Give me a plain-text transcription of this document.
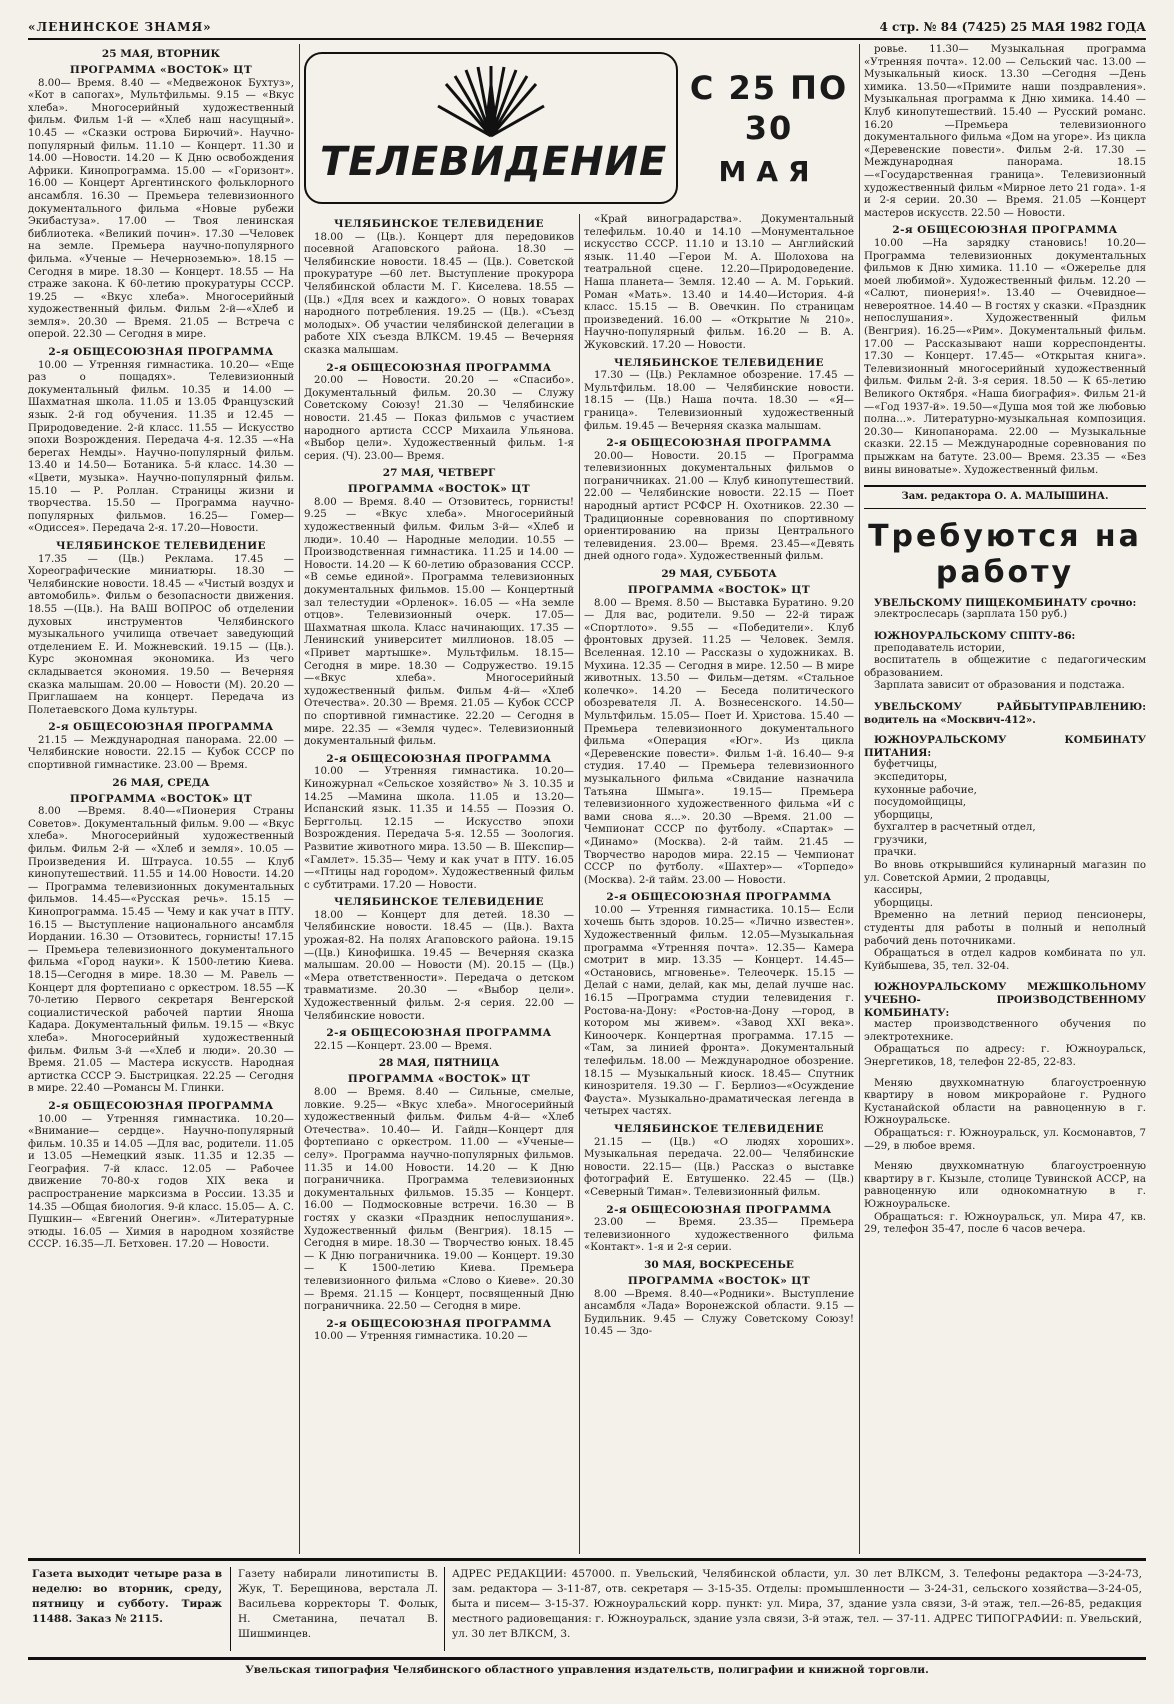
«ЛЕНИНСКОЕ ЗНАМЯ»	4 стр. № 84 (7425) 25 МАЯ 1982 ГОДА
25 МАЯ, ВТОРНИК
ПРОГРАММА «ВОСТОК» ЦТ

8.00— Время. 8.40 — «Медвежонок Бухтуз», «Кот в сапогах», Мультфильмы. 9.15 — «Вкус хлеба». Многосерийный художественный фильм. Фильм 1-й — «Хлеб наш насущный». 10.45 — «Сказки острова Бирючий». Научно-популярный фильм. 11.10 — Концерт. 11.30 и 14.00 —Новости. 14.20 — К Дню освобождения Африки. Кинопрограмма. 15.00 — «Горизонт». 16.00 — Концерт Аргентинского фольклорного ансамбля. 16.30 — Премьера телевизионного документального фильма «Новые рубежи Экибастуза». 17.00 — Твоя ленинская библиотека. «Великий почин». 17.30 —Человек на земле. Премьера научно-популярного фильма. «Ученые — Нечерноземью». 18.15 — Сегодня в мире. 18.30 — Концерт. 18.55 — На страже закона. К 60-летию прокуратуры СССР. 19.25 — «Вкус хлеба». Многосерийный художественный фильм. Фильм 2-й—«Хлеб и земля». 20.30 — Время. 21.05 — Встреча с оперой. 22.30 — Сегодня в мире.

2-я ОБЩЕСОЮЗНАЯ ПРОГРАММА

10.00 — Утренняя гимнастика. 10.20— «Еще раз о пощадях». Телевизионный документальный фильм. 10.35 и 14.00 —Шахматная школа. 11.05 и 13.05 Французский язык. 2-й год обучения. 11.35 и 12.45 — Природоведение. 2-й класс. 11.55 — Искусство эпохи Возрождения. Передача 4-я. 12.35 —«На берегах Немды». Научно-популярный фильм. 13.40 и 14.50— Ботаника. 5-й класс. 14.30 — «Цвети, музыка». Научно-популярный фильм. 15.10 — Р. Роллан. Страницы жизни и творчества. 15.50 — Программа научно-популярных фильмов. 16.25— Гомер— «Одиссея». Передача 2-я. 17.20—Новости.

ЧЕЛЯБИНСКОЕ ТЕЛЕВИДЕНИЕ

17.35 — (Цв.) Реклама. 17.45 —Хореографические миниатюры. 18.30 — Челябинские новости. 18.45 — «Чистый воздух и автомобиль». Фильм о безопасности движения. 18.55 —(Цв.). На ВАШ ВОПРОС об отделении духовых инструментов Челябинского музыкального училища отвечает заведующий отделением Е. И. Можневский. 19.15 — (Цв.). Курс экономная экономика. Из чего складывается экономия. 19.50 — Вечерняя сказка малышам. 20.00 — Новости (М). 20.20 — Приглашаем на концерт. Передача из Полетаевского Дома культуры.

2-я ОБЩЕСОЮЗНАЯ ПРОГРАММА

21.15 — Международная панорама. 22.00 — Челябинские новости. 22.15 — Кубок СССР по спортивной гимнастике. 23.00 — Время.

26 МАЯ, СРЕДА
ПРОГРАММА «ВОСТОК» ЦТ

8.00 —Время. 8.40—«Пионерия Страны Советов». Документальный фильм. 9.00 — «Вкус хлеба». Многосерийный художественный фильм. Фильм 2-й — «Хлеб и земля». 10.05 — Произведения И. Штрауса. 10.55 — Клуб кинопутешествий. 11.55 и 14.00 Новости. 14.20 — Программа телевизионных документальных фильмов. 14.45—«Русская речь». 15.15 — Кинопрограмма. 15.45 — Чему и как учат в ПТУ. 16.15 — Выступление национального ансамбля Иордании. 16.30 — Отзовитесь, горнисты! 17.15 — Премьера телевизионного документального фильма «Город науки». К 1500-летию Киева. 18.15—Сегодня в мире. 18.30 — М. Равель —Концерт для фортепиано с оркестром. 18.55 —К 70-летию Первого секретаря Венгерской социалистической рабочей партии Яноша Кадара. Документальный фильм. 19.15 — «Вкус хлеба». Многосерийный художественный фильм. Фильм 3-й —«Хлеб и люди». 20.30 — Время. 21.05 — Мастера искусств. Народная артистка СССР Э. Быстрицкая. 22.25 — Сегодня в мире. 22.40 —Романсы М. Глинки.

2-я ОБЩЕСОЮЗНАЯ ПРОГРАММА

10.00 — Утренняя гимнастика. 10.20— «Внимание— сердце». Научно-популярный фильм. 10.35 и 14.05 —Для вас, родители. 11.05 и 13.05 —Немецкий язык. 11.35 и 12.35 — География. 7-й класс. 12.05 — Рабочее движение 70-80-х годов XIX века и распространение марксизма в России. 13.35 и 14.35 —Общая биология. 9-й класс. 15.05— А. С. Пушкин— «Евгений Онегин». «Литературные этюды. 16.05 — Химия в народном хозяйстве СССР. 16.35—Л. Бетховен. 17.20 — Новости.

ТЕЛЕВИДЕНИЕ
С 25 ПО 30
МАЯ
ЧЕЛЯБИНСКОЕ ТЕЛЕВИДЕНИЕ

18.00 — (Цв.). Концерт для передовиков посевной Агаповского района. 18.30 — Челябинские новости. 18.45 — (Цв.). Советской прокуратуре —60 лет. Выступление прокурора Челябинской области М. Г. Киселева. 18.55 —(Цв.) «Для всех и каждого». О новых товарах народного потребления. 19.25 — (Цв.). «Съезд молодых». Об участии челябинской делегации в работе XIX съезда ВЛКСМ. 19.45 — Вечерняя сказка малышам.

2-я ОБЩЕСОЮЗНАЯ ПРОГРАММА

20.00 — Новости. 20.20 — «Спасибо». Документальный фильм. 20.30 — Служу Советскому Союзу! 21.30 — Челябинские новости. 21.45 — Показ фильмов с участием народного артиста СССР Михаила Ульянова. «Выбор цели». Художественный фильм. 1-я серия. (Ч). 23.00— Время.

27 МАЯ, ЧЕТВЕРГ
ПРОГРАММА «ВОСТОК» ЦТ

8.00 — Время. 8.40 — Отзовитесь, горнисты! 9.25 — «Вкус хлеба». Многосерийный художественный фильм. Фильм 3-й— «Хлеб и люди». 10.40 — Народные мелодии. 10.55 — Производственная гимнастика. 11.25 и 14.00 —Новости. 14.20 — К 60-летию образования СССР. «В семье единой». Программа телевизионных документальных фильмов. 15.00 — Концертный зал телестудии «Орленок». 16.05 — «На земле отцов». Телевизионный очерк. 17.05—Шахматная школа. Класс начинающих. 17.35 —Ленинский университет миллионов. 18.05 — «Привет мартышке». Мультфильм. 18.15—Сегодня в мире. 18.30 — Содружество. 19.15—«Вкус хлеба». Многосерийный художественный фильм. Фильм 4-й— «Хлеб Отечества». 20.30 — Время. 21.05 — Кубок СССР по спортивной гимнастике. 22.20 — Сегодня в мире. 22.35 — «Земля чудес». Телевизионный документальный фильм.

2-я ОБЩЕСОЮЗНАЯ ПРОГРАММА

10.00 — Утренняя гимнастика. 10.20— Киножурнал «Сельское хозяйство» № 3. 10.35 и 14.25 —Мамина школа. 11.05 и 13.20—Испанский язык. 11.35 и 14.55 — Поэзия О. Берггольц. 12.15 — Искусство эпохи Возрождения. Передача 5-я. 12.55 — Зоология. Развитие животного мира. 13.50 — В. Шекспир— «Гамлет». 15.35— Чему и как учат в ПТУ. 16.05 —«Птицы над городом». Художественный фильм с субтитрами. 17.20 — Новости.

ЧЕЛЯБИНСКОЕ ТЕЛЕВИДЕНИЕ

18.00 — Концерт для детей. 18.30 — Челябинские новости. 18.45 — (Цв.). Вахта урожая-82. На полях Агаповского района. 19.15 —(Цв.) Кинофишка. 19.45 — Вечерняя сказка малышам. 20.00 — Новости (М). 20.15 — (Цв.) «Мера ответственности». Передача о детском травматизме. 20.30 — «Выбор цели». Художественный фильм. 2-я серия. 22.00 — Челябинские новости.

2-я ОБЩЕСОЮЗНАЯ ПРОГРАММА

22.15 —Концерт. 23.00 — Время.

28 МАЯ, ПЯТНИЦА
ПРОГРАММА «ВОСТОК» ЦТ

8.00 — Время. 8.40 — Сильные, смелые, ловкие. 9.25— «Вкус хлеба». Многосерийный художественный фильм. Фильм 4-й— «Хлеб Отечества». 10.40— И. Гайдн—Концерт для фортепиано с оркестром. 11.00 — «Ученые— селу». Программа научно-популярных фильмов. 11.35 и 14.00 Новости. 14.20 — К Дню пограничника. Программа телевизионных документальных фильмов. 15.35 — Концерт. 16.00 — Подмосковные встречи. 16.30 — В гостях у сказки «Праздник непослушания». Художественный фильм (Венгрия). 18.15 —Сегодня в мире. 18.30 — Творчество юных. 18.45 — К Дню пограничника. 19.00 — Концерт. 19.30 — К 1500-летию Киева. Премьера телевизионного фильма «Слово о Киеве». 20.30 — Время. 21.15 — Концерт, посвященный Дню пограничника. 22.50 — Сегодня в мире.

2-я ОБЩЕСОЮЗНАЯ ПРОГРАММА

10.00 — Утренняя гимнастика. 10.20 —

«Край виноградарства». Документальный телефильм. 10.40 и 14.10 —Монументальное искусство СССР. 11.10 и 13.10 — Английский язык. 11.40 —Герои М. А. Шолохова на театральной сцене. 12.20—Природоведение. Наша планета— Земля. 12.40 — А. М. Горький. Роман «Мать». 13.40 и 14.40—История. 4-й класс. 15.15 — В. Овечкин. По страницам произведений. 16.00 — «Открытие № 210». Научно-популярный фильм. 16.20 — В. А. Жуковский. 17.20 — Новости.

ЧЕЛЯБИНСКОЕ ТЕЛЕВИДЕНИЕ

17.30 — (Цв.) Рекламное обозрение. 17.45 — Мультфильм. 18.00 — Челябинские новости. 18.15 — (Цв.) Наша почта. 18.30 — «Я—граница». Телевизионный художественный фильм. 19.45 — Вечерняя сказка малышам.

2-я ОБЩЕСОЮЗНАЯ ПРОГРАММА

20.00— Новости. 20.15 — Программа телевизионных документальных фильмов о пограничниках. 21.00 — Клуб кинопутешествий. 22.00 — Челябинские новости. 22.15 — Поет народный артист РСФСР Н. Охотников. 22.30 — Традиционные соревнования по спортивному ориентированию на призы Центрального телевидения. 23.00— Время. 23.45—«Девять дней одного года». Художественный фильм.

29 МАЯ, СУББОТА
ПРОГРАММА «ВОСТОК» ЦТ

8.00 — Время. 8.50 — Выставка Буратино. 9.20 — Для вас, родители. 9.50 — 22-й тираж «Спортлото». 9.55 — «Победители». Клуб фронтовых друзей. 11.25 — Человек. Земля. Вселенная. 12.10 — Рассказы о художниках. В. Мухина. 12.35 — Сегодня в мире. 12.50 — В мире животных. 13.50 — Фильм—детям. «Стальное колечко». 14.20 — Беседа политического обозревателя Л. А. Вознесенского. 14.50— Мультфильм. 15.05— Поет И. Христова. 15.40 — Премьера телевизионного документального фильма «Операция «Юг». Из цикла «Деревенские повести». Фильм 1-й. 16.40— 9-я студия. 17.40 — Премьера телевизионного музыкального фильма «Свидание назначила Татьяна Шмыга». 19.15— Премьера телевизионного художественного фильма «И с вами снова я...». 20.30 —Время. 21.00 — Чемпионат СССР по футболу. «Спартак» — «Динамо» (Москва). 2-й тайм. 21.45 — Творчество народов мира. 22.15 — Чемпионат СССР по футболу. «Шахтер»— «Торпедо» (Москва). 2-й тайм. 23.00 — Новости.

2-я ОБЩЕСОЮЗНАЯ ПРОГРАММА

10.00 — Утренняя гимнастика. 10.15— Если хочешь быть здоров. 10.25— «Лично известен». Художественный фильм. 12.05—Музыкальная программа «Утренняя почта». 12.35— Камера смотрит в мир. 13.35 — Концерт. 14.45— «Остановись, мгновенье». Телеочерк. 15.15 —Делай с нами, делай, как мы, делай лучше нас. 16.15 —Программа студии телевидения г. Ростова-на-Дону: «Ростов-на-Дону —город, в котором мы живем». «Завод XXI века». Киноочерк. Концертная программа. 17.15 — «Там, за линией фронта». Документальный телефильм. 18.00 — Международное обозрение. 18.15 — Музыкальный киоск. 18.45— Спутник кинозрителя. 19.30 — Г. Берлиоз—«Осуждение Фауста». Музыкально-драматическая легенда в четырех частях.

ЧЕЛЯБИНСКОЕ ТЕЛЕВИДЕНИЕ

21.15 — (Цв.) «О людях хороших». Музыкальная передача. 22.00— Челябинские новости. 22.15— (Цв.) Рассказ о выставке фотографий Е. Евтушенко. 22.45 — (Цв.) «Северный Тиман». Телевизионный фильм.

2-я ОБЩЕСОЮЗНАЯ ПРОГРАММА

23.00 — Время. 23.35— Премьера телевизионного художественного фильма «Контакт». 1-я и 2-я серии.

30 МАЯ, ВОСКРЕСЕНЬЕ
ПРОГРАММА «ВОСТОК» ЦТ

8.00 —Время. 8.40—«Родники». Выступление ансамбля «Лада» Воронежской области. 9.15 — Будильник. 9.45 — Служу Советскому Союзу! 10.45 — Здо-

ровье. 11.30— Музыкальная программа «Утренняя почта». 12.00 — Сельский час. 13.00 — Музыкальный киоск. 13.30 —Сегодня —День химика. 13.50—«Примите наши поздравления». Музыкальная программа к Дню химика. 14.40 — Клуб кинопутешествий. 15.40 — Русский романс. 16.20 —Премьера телевизионного документального фильма «Дом на угоре». Из цикла «Деревенские повести». Фильм 2-й. 17.30 —Международная панорама. 18.15—«Государственная граница». Телевизионный художественный фильм «Мирное лето 21 года». 1-я и 2-я серии. 20.30 — Время. 21.05 —Концерт мастеров искусств. 22.50 — Новости.

2-я ОБЩЕСОЮЗНАЯ ПРОГРАММА

10.00 —На зарядку становись! 10.20— Программа телевизионных документальных фильмов к Дню химика. 11.10 — «Ожерелье для моей любимой». Художественный фильм. 12.20 — «Салют, пионерия!». 13.40 — Очевидное—невероятное. 14.40 — В гостях у сказки. «Праздник непослушания». Художественный фильм (Венгрия). 16.25—«Рим». Документальный фильм. 17.00 — Рассказывают наши корреспонденты. 17.30 — Концерт. 17.45— «Открытая книга». Телевизионный многосерийный художественный фильм. Фильм 2-й. 3-я серия. 18.50 — К 65-летию Великого Октября. «Наша биография». Фильм 21-й—«Год 1937-й». 19.50—«Душа моя той же любовью полна...». Литературно-музыкальная композиция. 20.30— Кинопанорама. 22.00 — Музыкальные сказки. 22.15 — Международные соревнования по прыжкам на батуте. 23.00— Время. 23.35 — «Без вины виноватые». Художественный фильм.

Зам. редактора О. А. МАЛЫШИНА.
Требуются на работу

УВЕЛЬСКОМУ ПИЩЕКОМБИНАТУ срочно:

электрослесарь (зарплата 150 руб.)

ЮЖНОУРАЛЬСКОМУ СППТУ-86:

преподаватель истории,

воспитатель в общежитие с педагогическим образованием.

Зарплата зависит от образования и подстажа.

УВЕЛЬСКОМУ РАЙБЫТУПРАВЛЕНИЮ: водитель на «Москвич-412».

ЮЖНОУРАЛЬСКОМУ КОМБИНАТУ ПИТАНИЯ:

буфетчицы,

экспедиторы,

кухонные рабочие,

посудомойщицы,

уборщицы,

бухгалтер в расчетный отдел,

грузчики,

прачки.

Во вновь открывшийся кулинарный магазин по ул. Советской Армии, 2 продавцы,

кассиры,

уборщицы.

Временно на летний период пенсионеры, студенты для работы в полный и неполный рабочий день поточниками.

Обращаться в отдел кадров комбината по ул. Куйбышева, 35, тел. 32-04.

ЮЖНОУРАЛЬСКОМУ МЕЖШКОЛЬНОМУ УЧЕБНО- ПРОИЗВОДСТВЕННОМУ КОМБИНАТУ:

мастер производственного обучения по электротехнике.

Обращаться по адресу: г. Южноуральск, Энергетиков, 18, телефон 22-85, 22-83.

Меняю двухкомнатную благоустроенную квартиру в новом микрорайоне г. Рудного Кустанайской области на равноценную в г. Южноуральске.

Обращаться: г. Южноуральск, ул. Космонавтов, 7—29, в любое время.

Меняю двухкомнатную благоустроенную квартиру в г. Кызыле, столице Тувинской АССР, на равноценную или однокомнатную в г. Южноуральске.

Обращаться: г. Южноуральск, ул. Мира 47, кв. 29, телефон 35-47, после 6 часов вечера.

Газета выходит четыре раза в неделю: во вторник, среду, пятницу и субботу. Тираж 11488. Заказ № 2115.
Газету набирали линотиписты В. Жук, Т. Берещинова, верстала Л. Васильева корректоры Т. Фолык, Н. Сметанина, печатал В. Шишминцев.
АДРЕС РЕДАКЦИИ: 457000. п. Увельский, Челябинской области, ул. 30 лет ВЛКСМ, 3. Телефоны редактора —3-24-73, зам. редактора — 3-11-87, отв. секретаря — 3-15-35. Отделы: промышленности — 3-24-31, сельского хозяйства—3-24-05, быта и писем— 3-15-37. Южноуральский корр. пункт: ул. Мира, 37, здание узла связи, 3-й этаж, тел.—26-85, редакция местного радиовещания: г. Южноуральск, здание узла связи, 3-й этаж, тел. — 37-11. АДРЕС ТИПОГРАФИИ: п. Увельский, ул. 30 лет ВЛКСМ, 3.
Увельская типография Челябинского областного управления издательств, полиграфии и книжной торговли.
